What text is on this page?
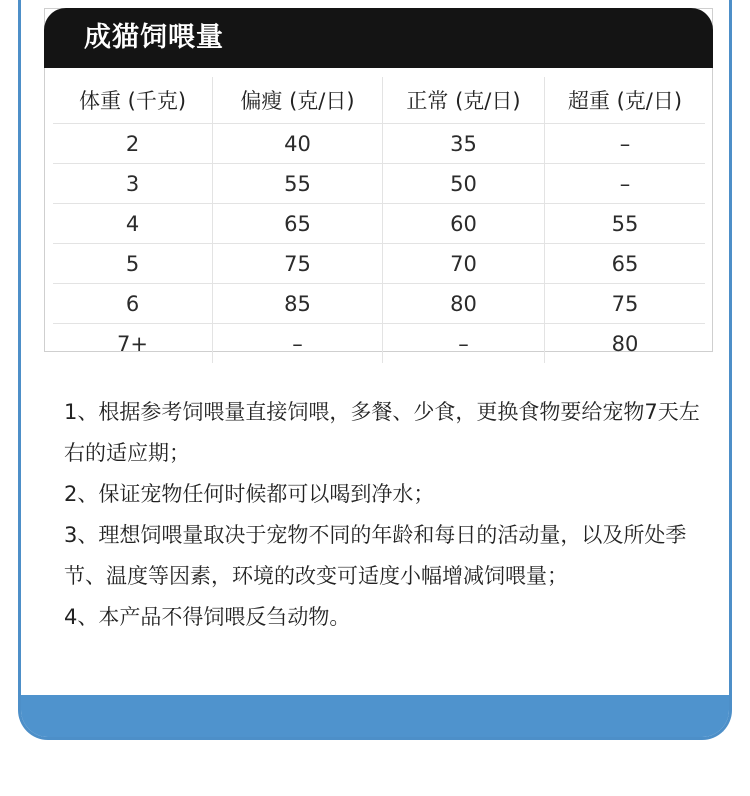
成猫饲喂量
体重 (千克)	偏瘦 (克/日)	正常 (克/日)	超重 (克/日)
2	40	35	–
3	55	50	–
4	65	60	55
5	75	70	65
6	85	80	75
7+	–	–	80

1、根据参考饲喂量直接饲喂，多餐、少食，更换食物要给宠物7天左右的适应期；

2、保证宠物任何时候都可以喝到净水；

3、理想饲喂量取决于宠物不同的年龄和每日的活动量，以及所处季节、温度等因素，环境的改变可适度小幅增减饲喂量；

4、本产品不得饲喂反刍动物。
